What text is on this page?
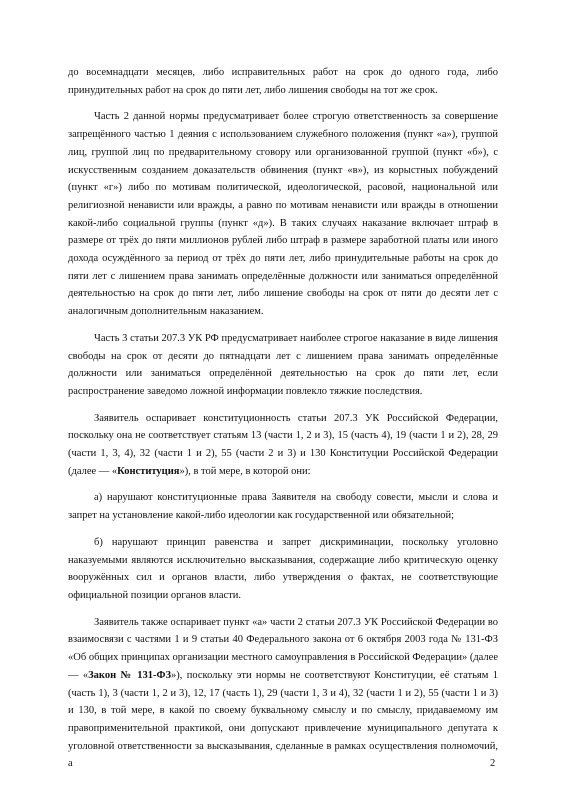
до восемнадцати месяцев, либо исправительных работ на срок до одного года, либо принудительных работ на срок до пяти лет, либо лишения свободы на тот же срок.

Часть 2 данной нормы предусматривает более строгую ответственность за совершение запрещённого частью 1 деяния с использованием служебного положения (пункт «а»), группой лиц, группой лиц по предварительному сговору или организованной группой (пункт «б»), с искусственным созданием доказательств обвинения (пункт «в»), из корыстных побуждений (пункт «г») либо по мотивам политической, идеологической, расовой, национальной или религиозной ненависти или вражды, а равно по мотивам ненависти или вражды в отношении какой-либо социальной группы (пункт «д»). В таких случаях наказание включает штраф в размере от трёх до пяти миллионов рублей либо штраф в размере заработной платы или иного дохода осуждённого за период от трёх до пяти лет, либо принудительные работы на срок до пяти лет с лишением права занимать определённые должности или заниматься определённой деятельностью на срок до пяти лет, либо лишение свободы на срок от пяти до десяти лет с аналогичным дополнительным наказанием.

Часть 3 статьи 207.3 УК РФ предусматривает наиболее строгое наказание в виде лишения свободы на срок от десяти до пятнадцати лет с лишением права занимать определённые должности или заниматься определённой деятельностью на срок до пяти лет, если распространение заведомо ложной информации повлекло тяжкие последствия.

Заявитель оспаривает конституционность статьи 207.3 УК Российской Федерации, поскольку она не соответствует статьям 13 (части 1, 2 и 3), 15 (часть 4), 19 (части 1 и 2), 28, 29 (части 1, 3, 4), 32 (части 1 и 2), 55 (части 2 и 3) и 130 Конституции Российской Федерации (далее — «Конституция»), в той мере, в которой они:

а) нарушают конституционные права Заявителя на свободу совести, мысли и слова и запрет на установление какой-либо идеологии как государственной или обязательной;

б) нарушают принцип равенства и запрет дискриминации, поскольку уголовно наказуемыми являются исключительно высказывания, содержащие либо критическую оценку вооружённых сил и органов власти, либо утверждения о фактах, не соответствующие официальной позиции органов власти.

Заявитель также оспаривает пункт «а» части 2 статьи 207.3 УК Российской Федерации во взаимосвязи с частями 1 и 9 статьи 40 Федерального закона от 6 октября 2003 года № 131-ФЗ «Об общих принципах организации местного самоуправления в Российской Федерации» (далее — «Закон № 131-ФЗ»), поскольку эти нормы не соответствуют Конституции, её статьям 1 (часть 1), 3 (части 1, 2 и 3), 12, 17 (часть 1), 29 (части 1, 3 и 4), 32 (части 1 и 2), 55 (части 1 и 3) и 130, в той мере, в какой по своему буквальному смыслу и по смыслу, придаваемому им правоприменительной практикой, они допускают привлечение муниципального депутата к уголовной ответственности за высказывания, сделанные в рамках осуществления полномочий, а	2
